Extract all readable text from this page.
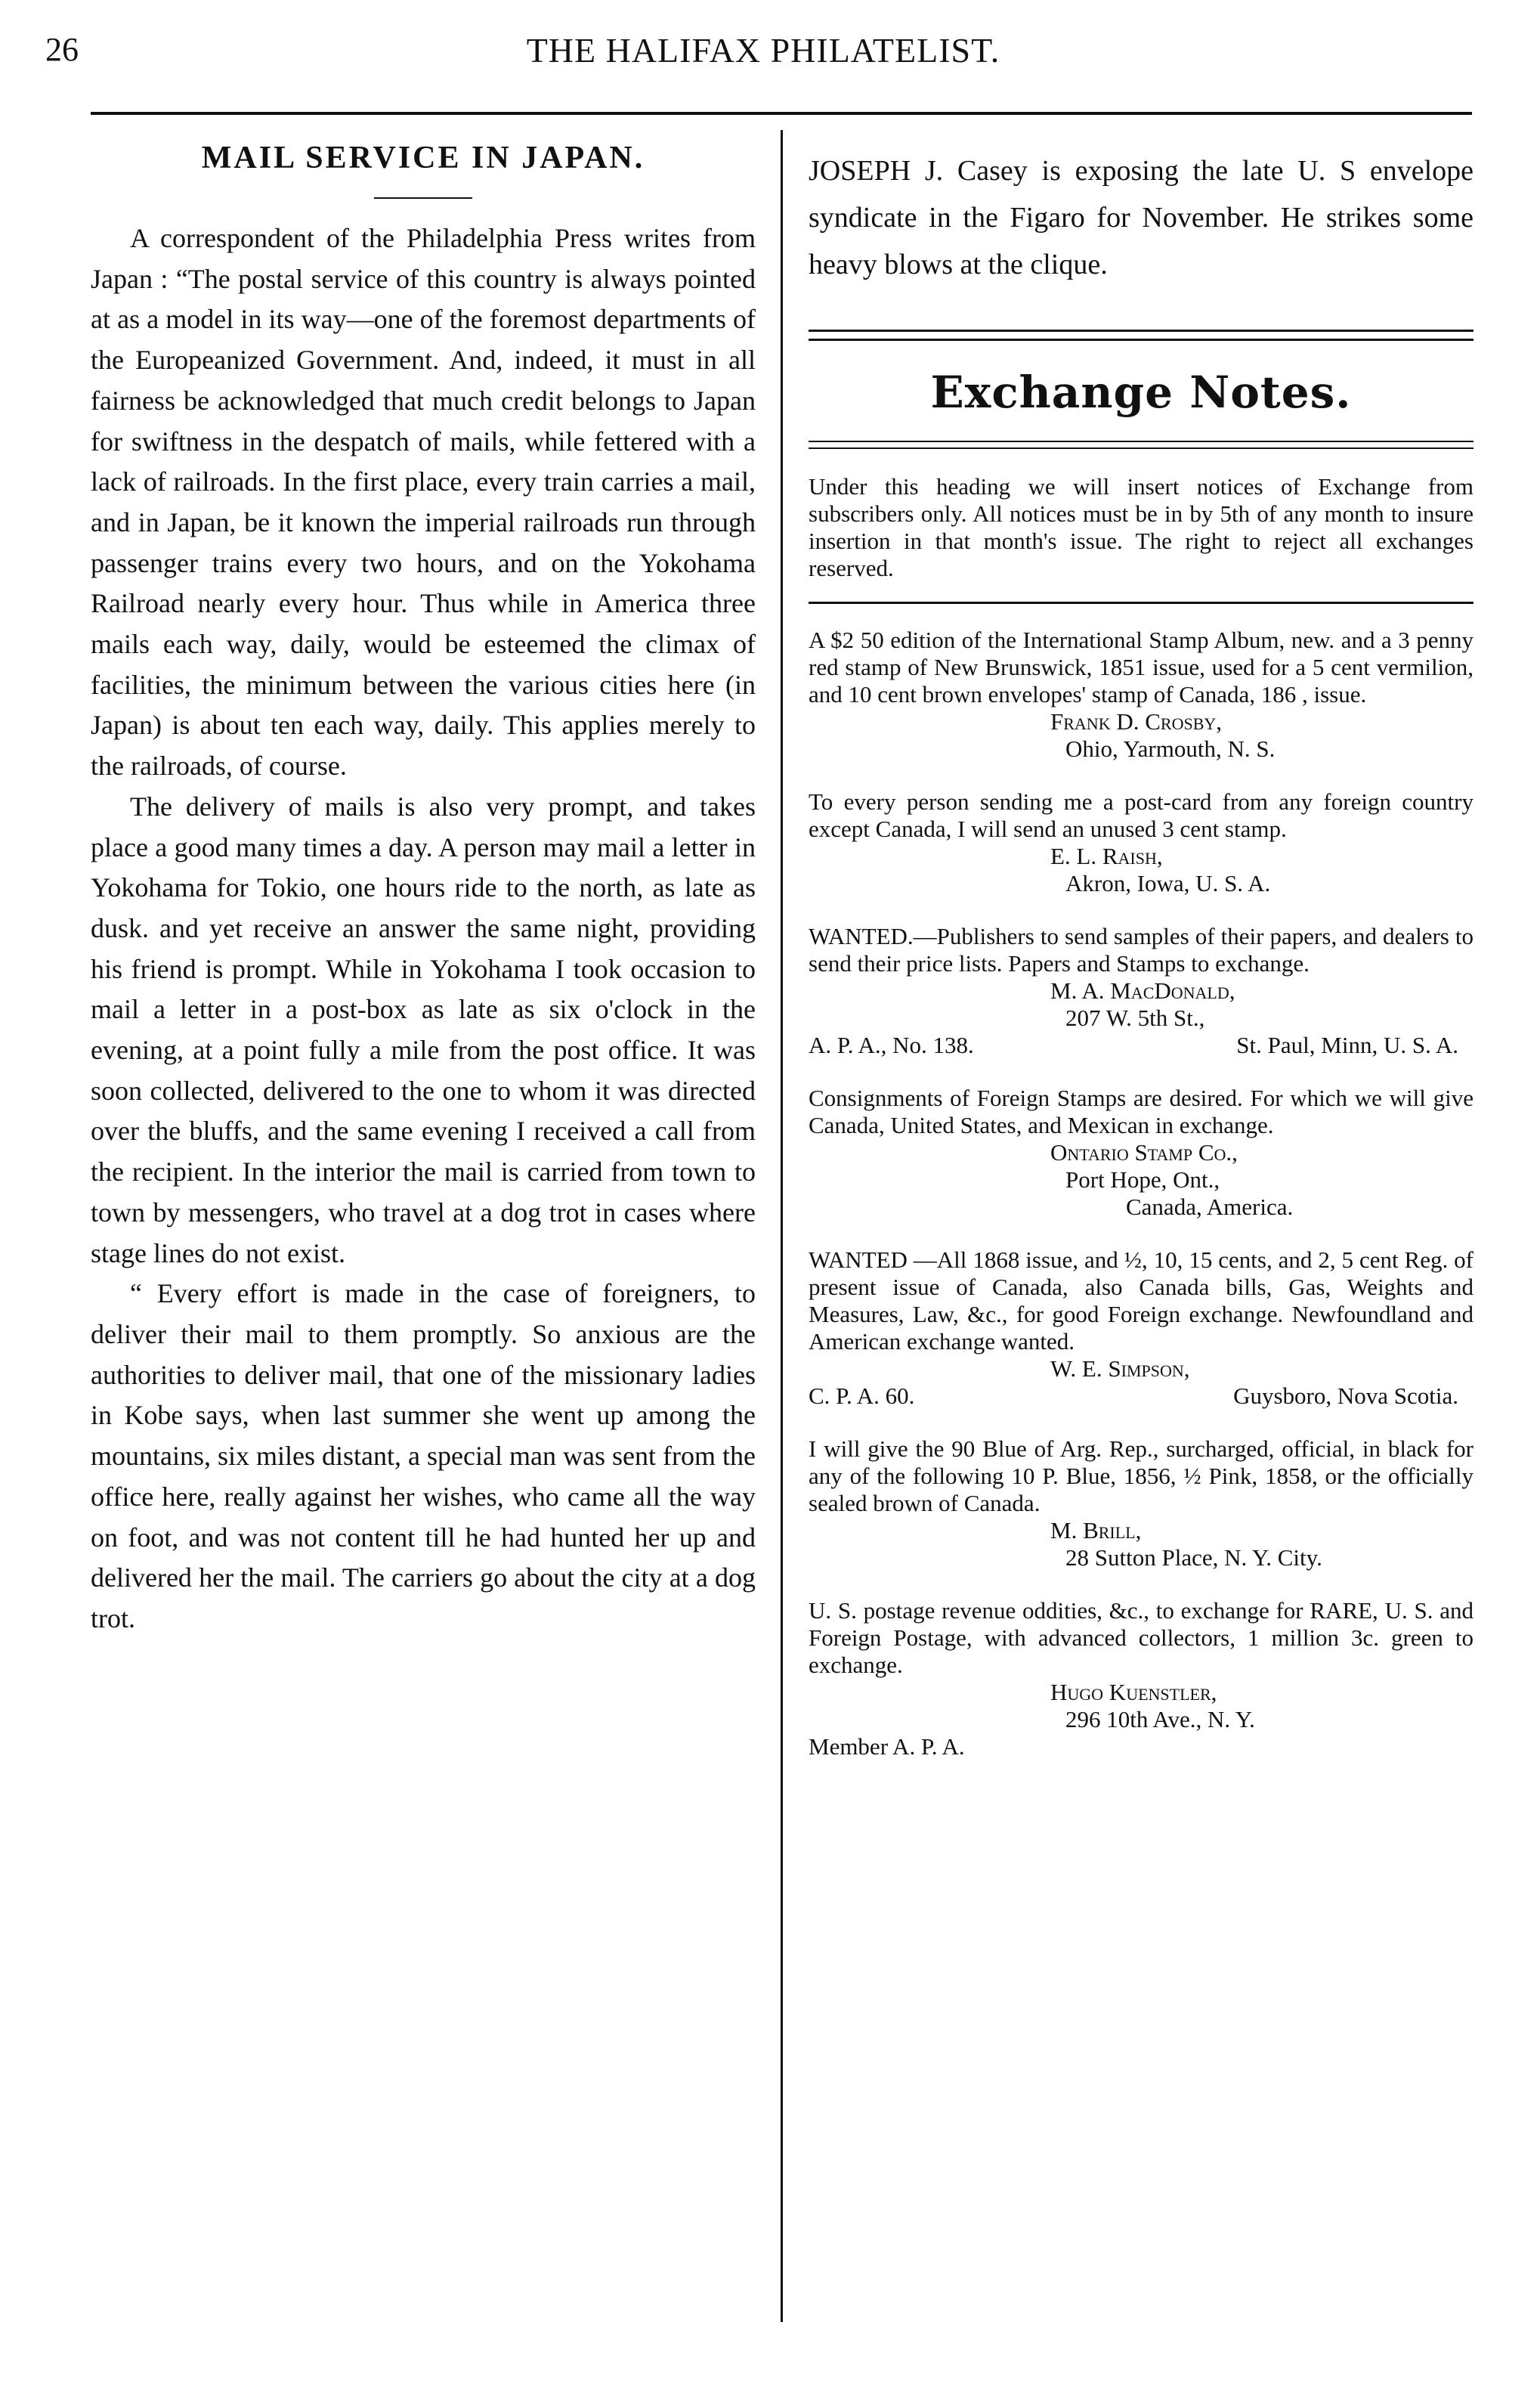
26	THE HALIFAX PHILATELIST.
MAIL SERVICE IN JAPAN.

A correspondent of the Philadelphia Press writes from Japan : “The postal service of this country is always pointed at as a model in its way—one of the foremost departments of the Europeanized Government. And, indeed, it must in all fairness be acknowledged that much credit belongs to Japan for swiftness in the despatch of mails, while fettered with a lack of railroads. In the first place, every train carries a mail, and in Japan, be it known the imperial railroads run through passenger trains every two hours, and on the Yokohama Railroad nearly every hour. Thus while in America three mails each way, daily, would be esteemed the climax of facilities, the minimum between the various cities here (in Japan) is about ten each way, daily. This applies merely to the railroads, of course.

The delivery of mails is also very prompt, and takes place a good many times a day. A person may mail a letter in Yokohama for Tokio, one hours ride to the north, as late as dusk. and yet receive an answer the same night, providing his friend is prompt. While in Yokohama I took occasion to mail a letter in a post-box as late as six o'clock in the evening, at a point fully a mile from the post office. It was soon collected, delivered to the one to whom it was directed over the bluffs, and the same evening I received a call from the recipient. In the interior the mail is carried from town to town by messengers, who travel at a dog trot in cases where stage lines do not exist.

“ Every effort is made in the case of foreigners, to deliver their mail to them promptly. So anxious are the authorities to deliver mail, that one of the missionary ladies in Kobe says, when last summer she went up among the mountains, six miles distant, a special man was sent from the office here, really against her wishes, who came all the way on foot, and was not content till he had hunted her up and delivered her the mail. The carriers go about the city at a dog trot.

JOSEPH J. Casey is exposing the late U. S envelope syndicate in the Figaro for November. He strikes some heavy blows at the clique.

Exchange Notes.

Under this heading we will insert notices of Exchange from subscribers only. All notices must be in by 5th of any month to insure insertion in that month's issue. The right to reject all exchanges reserved.

A $2 50 edition of the International Stamp Album, new. and a 3 penny red stamp of New Brunswick, 1851 issue, used for a 5 cent vermilion, and 10 cent brown envelopes' stamp of Canada, 186 , issue.

Frank D. Crosby,

Ohio, Yarmouth, N. S.

To every person sending me a post-card from any foreign country except Canada, I will send an unused 3 cent stamp.

E. L. Raish,

Akron, Iowa, U. S. A.

WANTED.—Publishers to send samples of their papers, and dealers to send their price lists. Papers and Stamps to exchange.

M. A. MacDonald,

207 W. 5th St.,

A. P. A., No. 138.	St. Paul, Minn, U. S. A.

Consignments of Foreign Stamps are desired. For which we will give Canada, United States, and Mexican in exchange.

Ontario Stamp Co.,

Port Hope, Ont.,

Canada, America.

WANTED —All 1868 issue, and ½, 10, 15 cents, and 2, 5 cent Reg. of present issue of Canada, also Canada bills, Gas, Weights and Measures, Law, &c., for good Foreign exchange. Newfoundland and American exchange wanted.

W. E. Simpson,

C. P. A. 60.	Guysboro, Nova Scotia.

I will give the 90 Blue of Arg. Rep., surcharged, official, in black for any of the following 10 P. Blue, 1856, ½ Pink, 1858, or the officially sealed brown of Canada.

M. Brill,

28 Sutton Place, N. Y. City.

U. S. postage revenue oddities, &c., to exchange for RARE, U. S. and Foreign Postage, with advanced collectors, 1 million 3c. green to exchange.

Hugo Kuenstler,

296 10th Ave., N. Y.

Member A. P. A.
